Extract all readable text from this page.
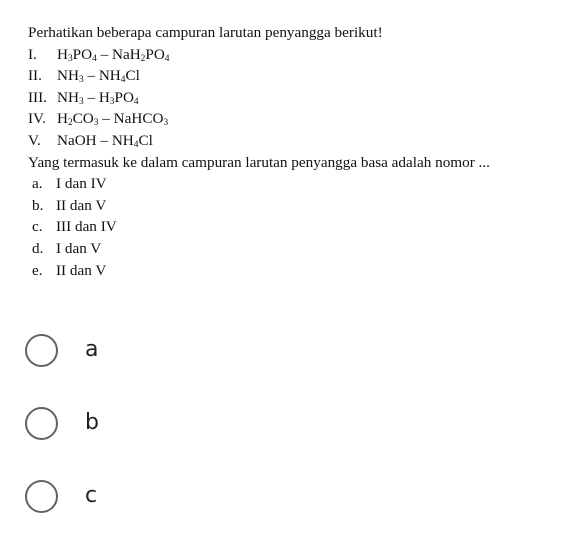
Perhatikan beberapa campuran larutan penyangga berikut!
I.	$H_3PO_4 - NaH_2PO_4$
II. $NH_3 - NH_4Cl$
III. $NH_3 - H_3PO_4$
IV. $H_2CO_3$ – NaHCO$_3$
V.	NaOH – $NH_4Cl$
Yang termasuk ke dalam campuran larutan penyangga basa adalah nomor ...
a. I dan IV
b. II dan V
c. III dan IV
d. I dan V
e. II dan V
a
b
c
